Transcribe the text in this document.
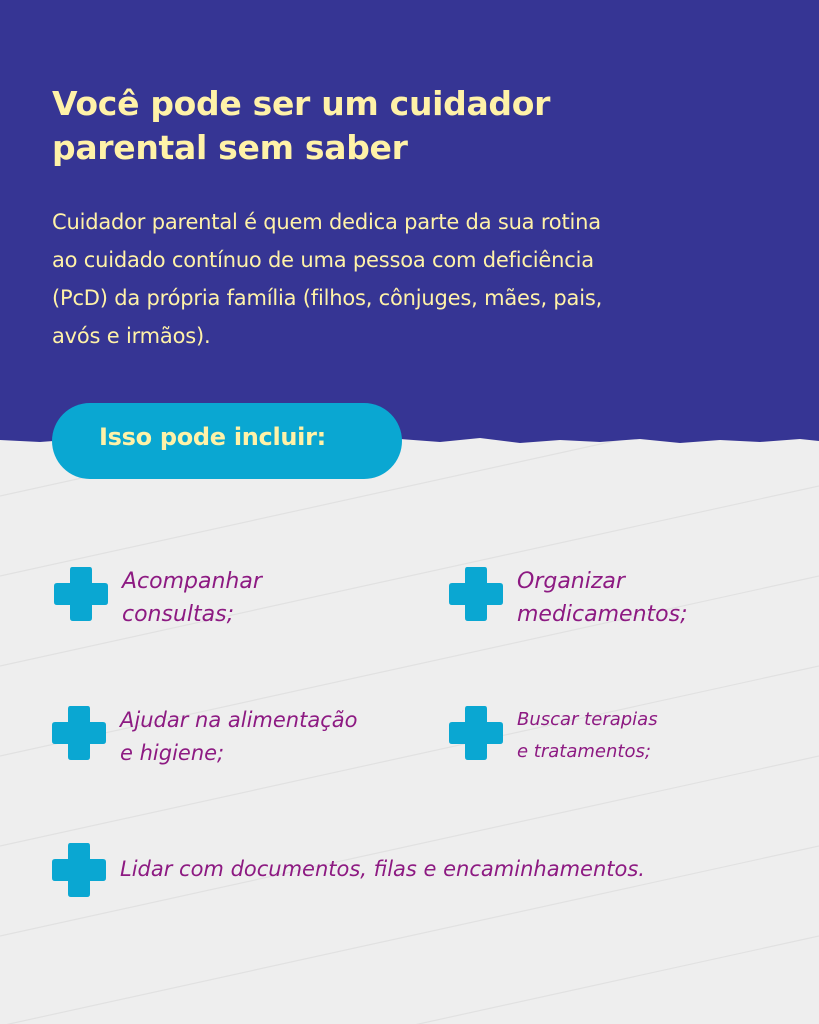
Você pode ser um cuidador
parental sem saber

Cuidador parental é quem dedica parte da sua rotina
ao cuidado contínuo de uma pessoa com deficiência
(PcD) da própria família (filhos, cônjuges, mães, pais,
avós e irmãos).

Isso pode incluir:
Acompanhar
consultas;
Organizar
medicamentos;
Ajudar na alimentação
e higiene;
Buscar terapias
e tratamentos;
Lidar com documentos, filas e encaminhamentos.
